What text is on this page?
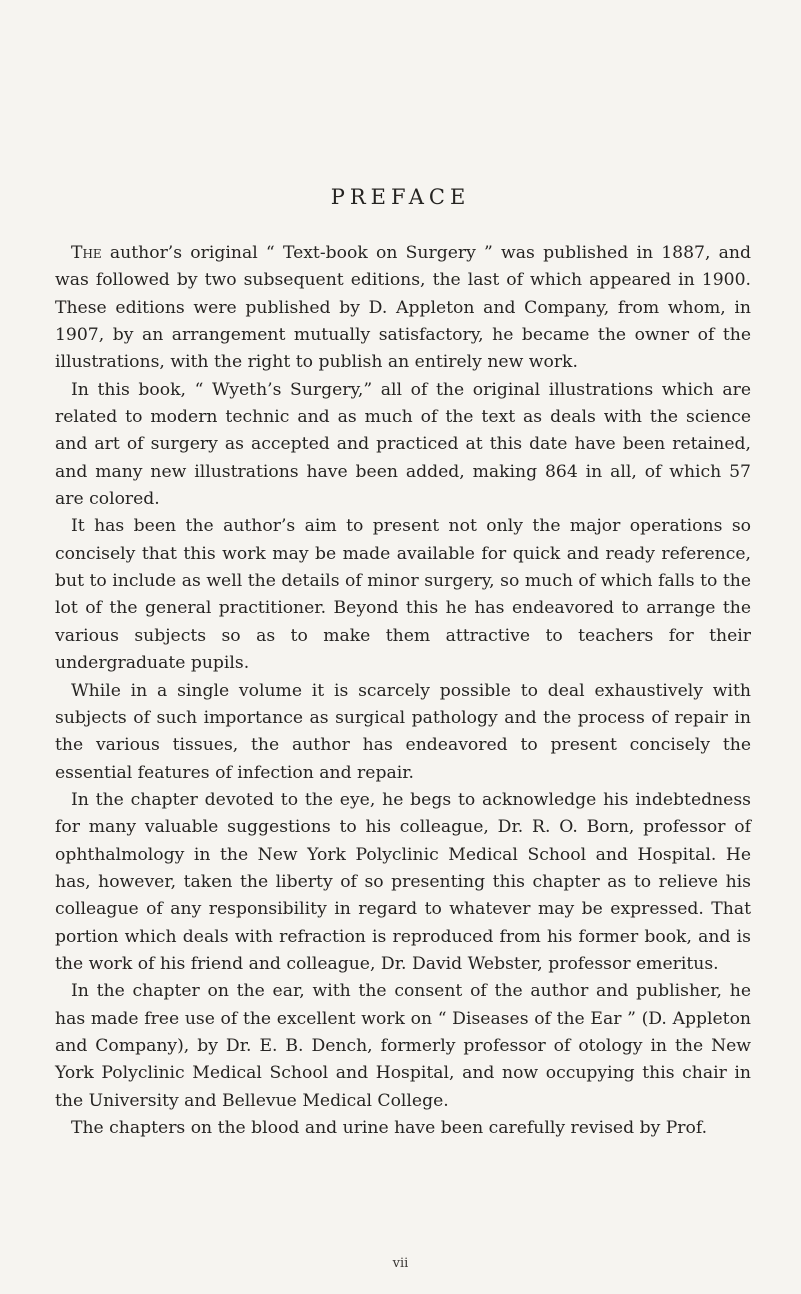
PREFACE

The author’s original “ Text-book on Surgery ” was published in 1887, and was followed by two subsequent editions, the last of which appeared in 1900. These editions were published by D. Appleton and Company, from whom, in 1907, by an arrangement mutually satisfactory, he became the owner of the illustrations, with the right to publish an entirely new work.

In this book, “ Wyeth’s Surgery,” all of the original illustrations which are related to modern technic and as much of the text as deals with the science and art of surgery as accepted and practiced at this date have been retained, and many new illustrations have been added, making 864 in all, of which 57 are colored.

It has been the author’s aim to present not only the major operations so concisely that this work may be made available for quick and ready reference, but to include as well the details of minor surgery, so much of which falls to the lot of the general practitioner. Beyond this he has endeavored to arrange the various subjects so as to make them attractive to teachers for their undergraduate pupils.

While in a single volume it is scarcely possible to deal exhaustively with subjects of such importance as surgical pathology and the process of repair in the various tissues, the author has endeavored to present concisely the essential features of infection and repair.

In the chapter devoted to the eye, he begs to acknowledge his indebtedness for many valuable suggestions to his colleague, Dr. R. O. Born, professor of ophthalmology in the New York Polyclinic Medical School and Hospital. He has, however, taken the liberty of so presenting this chapter as to relieve his colleague of any responsibility in regard to whatever may be expressed. That portion which deals with refraction is reproduced from his former book, and is the work of his friend and colleague, Dr. David Webster, professor emeritus.

In the chapter on the ear, with the consent of the author and publisher, he has made free use of the excellent work on “ Diseases of the Ear ” (D. Appleton and Company), by Dr. E. B. Dench, formerly professor of otology in the New York Polyclinic Medical School and Hospital, and now occupying this chair in the University and Bellevue Medical College.

The chapters on the blood and urine have been carefully revised by Prof.

vii
